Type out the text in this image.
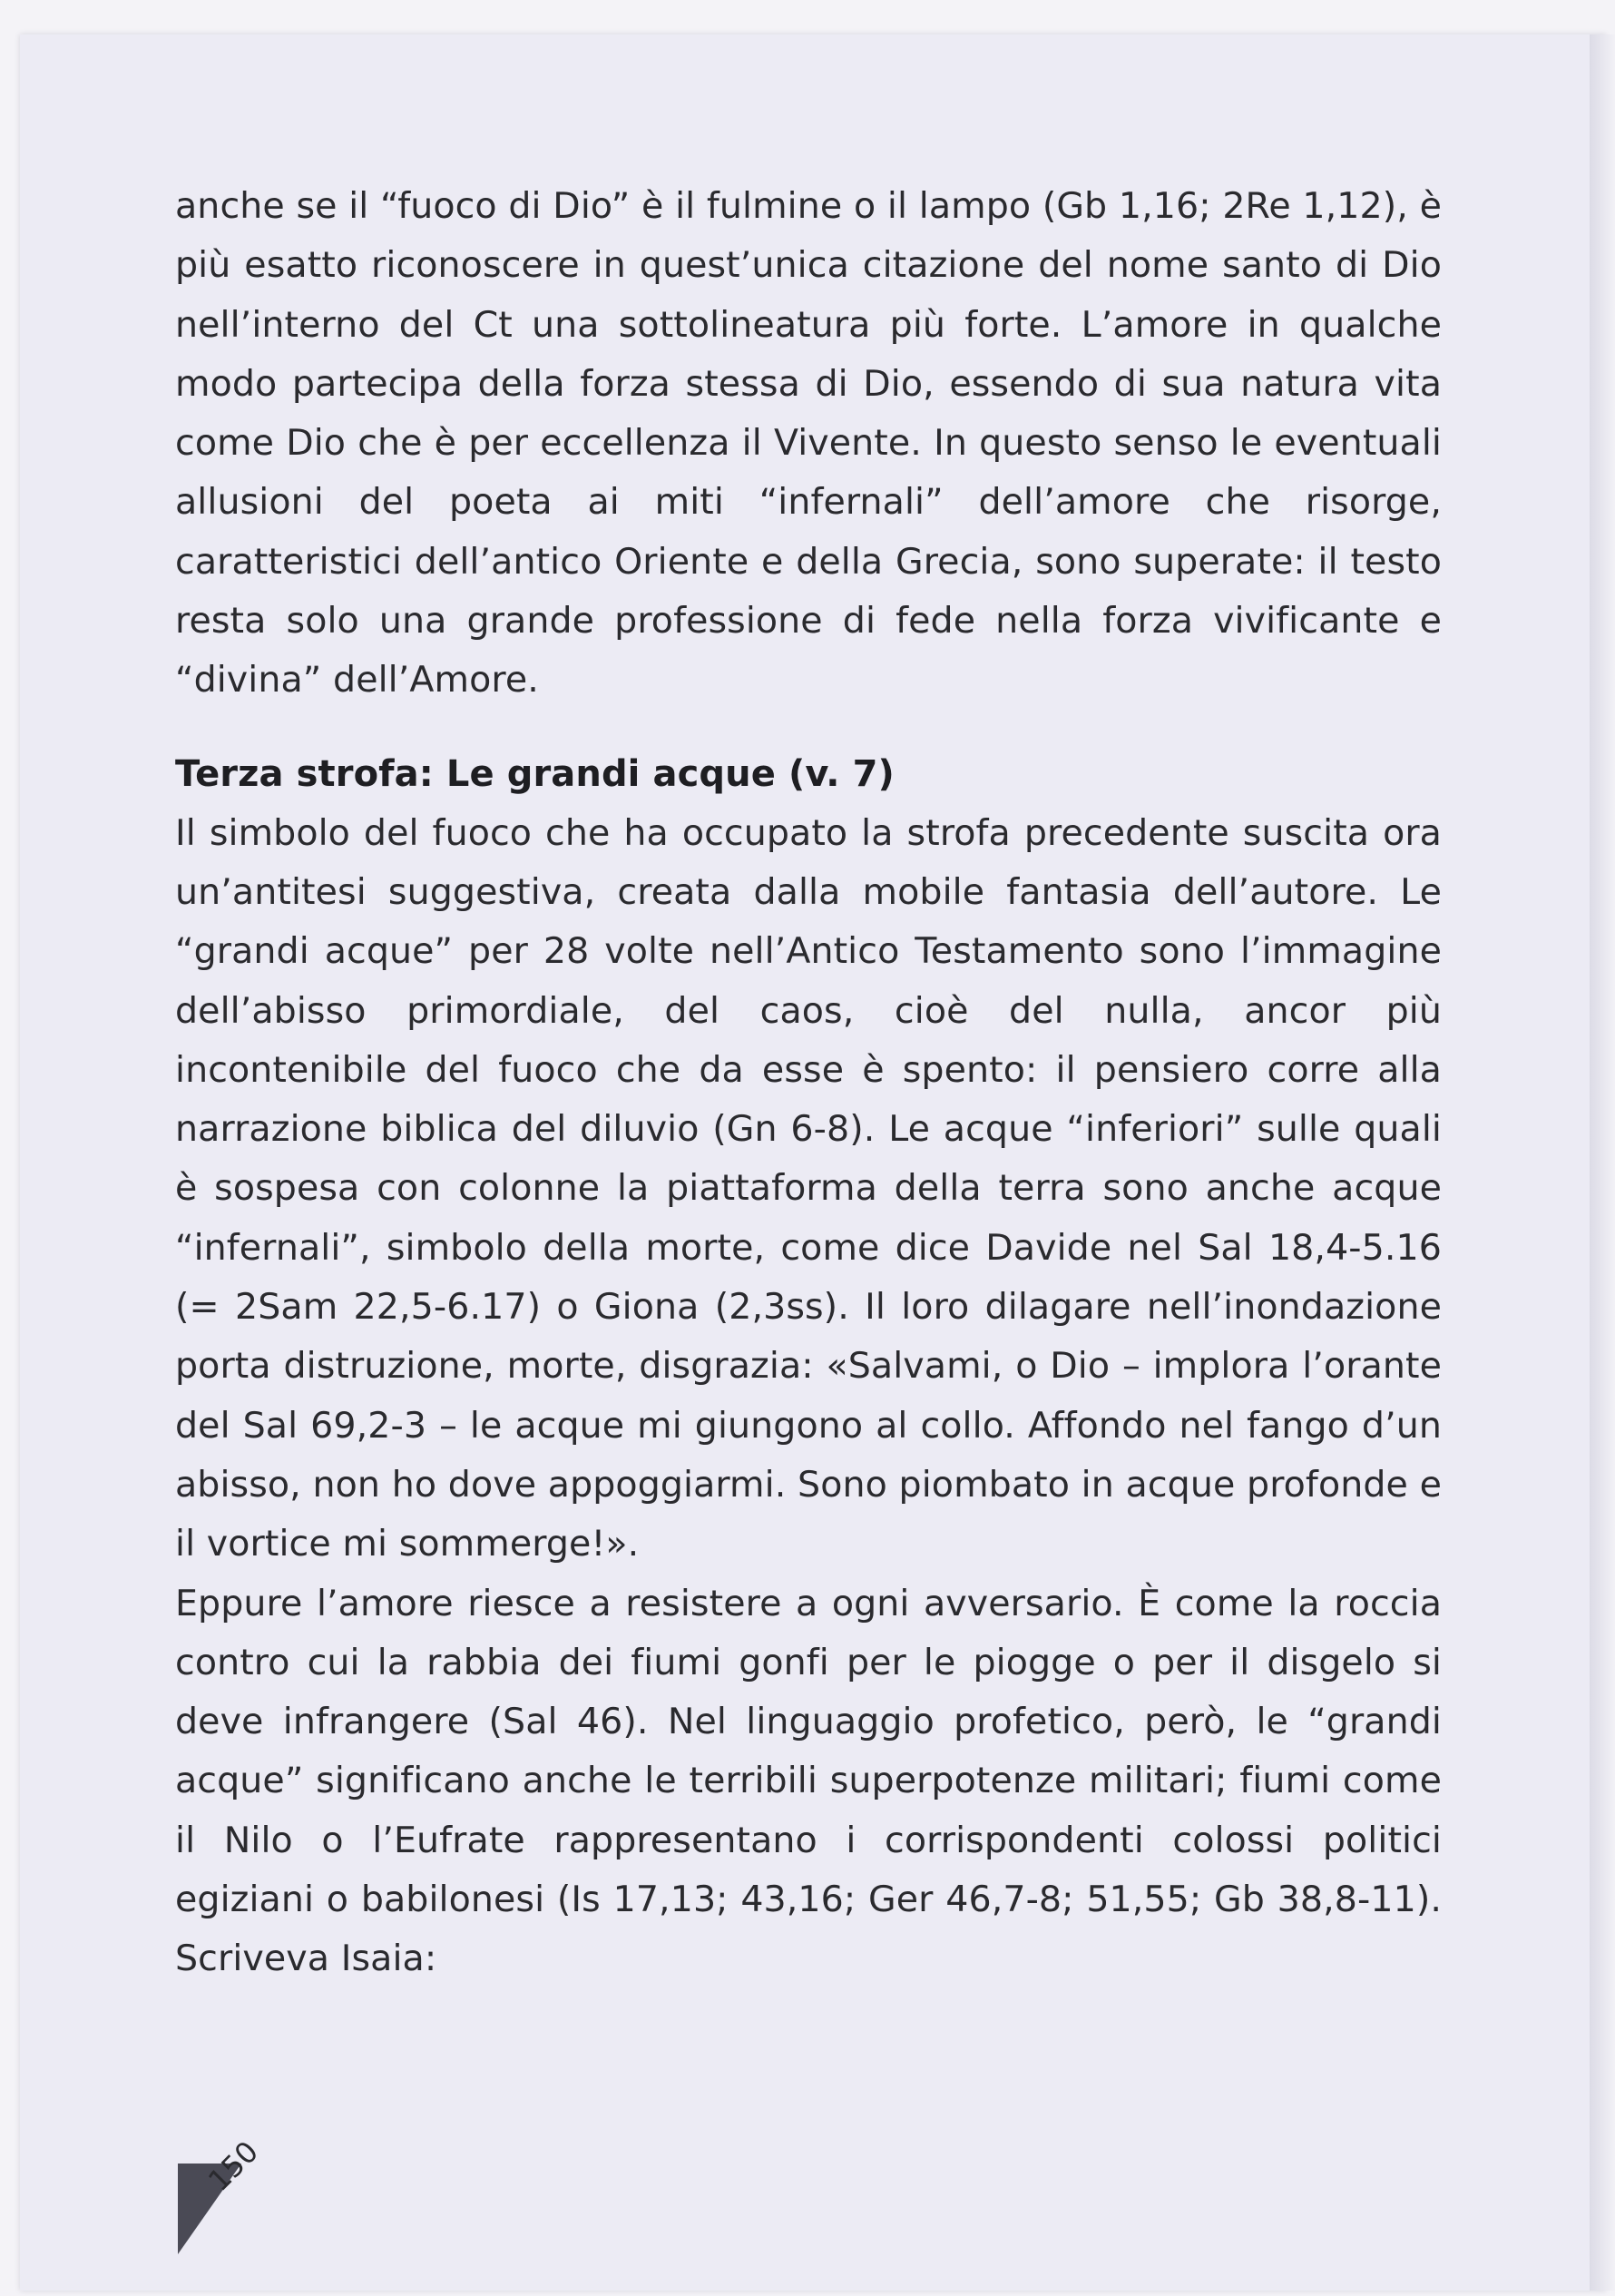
anche se il “fuoco di Dio” è il fulmine o il lampo (Gb 1,16; 2Re 1,12), è più esatto riconoscere in quest’unica citazione del nome santo di Dio nell’interno del Ct una sottolineatura più forte. L’amore in qualche modo partecipa della forza stessa di Dio, essendo di sua natura vita come Dio che è per eccellenza il Vivente. In questo senso le eventuali allusioni del poeta ai miti “infernali” dell’amore che risorge, caratteristici dell’antico Oriente e della Grecia, sono superate: il testo resta solo una grande professione di fede nella forza vivificante e “divina” dell’Amore.

Terza strofa: Le grandi acque (v. 7)

Il simbolo del fuoco che ha occupato la strofa precedente suscita ora un’antitesi suggestiva, creata dalla mobile fantasia dell’autore. Le “grandi acque” per 28 volte nell’Antico Testamento sono l’immagine dell’abisso primordiale, del caos, cioè del nulla, ancor più incontenibile del fuoco che da esse è spento: il pensiero corre alla narrazione biblica del diluvio (Gn 6-8). Le acque “inferiori” sulle quali è sospesa con colonne la piattaforma della terra sono anche acque “infernali”, simbolo della morte, come dice Davide nel Sal 18,4-5.16 (= 2Sam 22,5-6.17) o Giona (2,3ss). Il loro dilagare nell’inondazione porta distruzione, morte, disgrazia: «Salvami, o Dio – implora l’orante del Sal 69,2-3 – le acque mi giungono al collo. Affondo nel fango d’un abisso, non ho dove appoggiarmi. Sono piombato in acque profonde e il vortice mi sommerge!».

Eppure l’amore riesce a resistere a ogni avversario. È come la roccia contro cui la rabbia dei fiumi gonfi per le piogge o per il disgelo si deve infrangere (Sal 46). Nel linguaggio profetico, però, le “grandi acque” significano anche le terribili superpotenze militari; fiumi come il Nilo o l’Eufrate rappresentano i corrispondenti colossi politici egiziani o babilonesi (Is 17,13; 43,16; Ger 46,7-8; 51,55; Gb 38,8-11). Scriveva Isaia:

150
